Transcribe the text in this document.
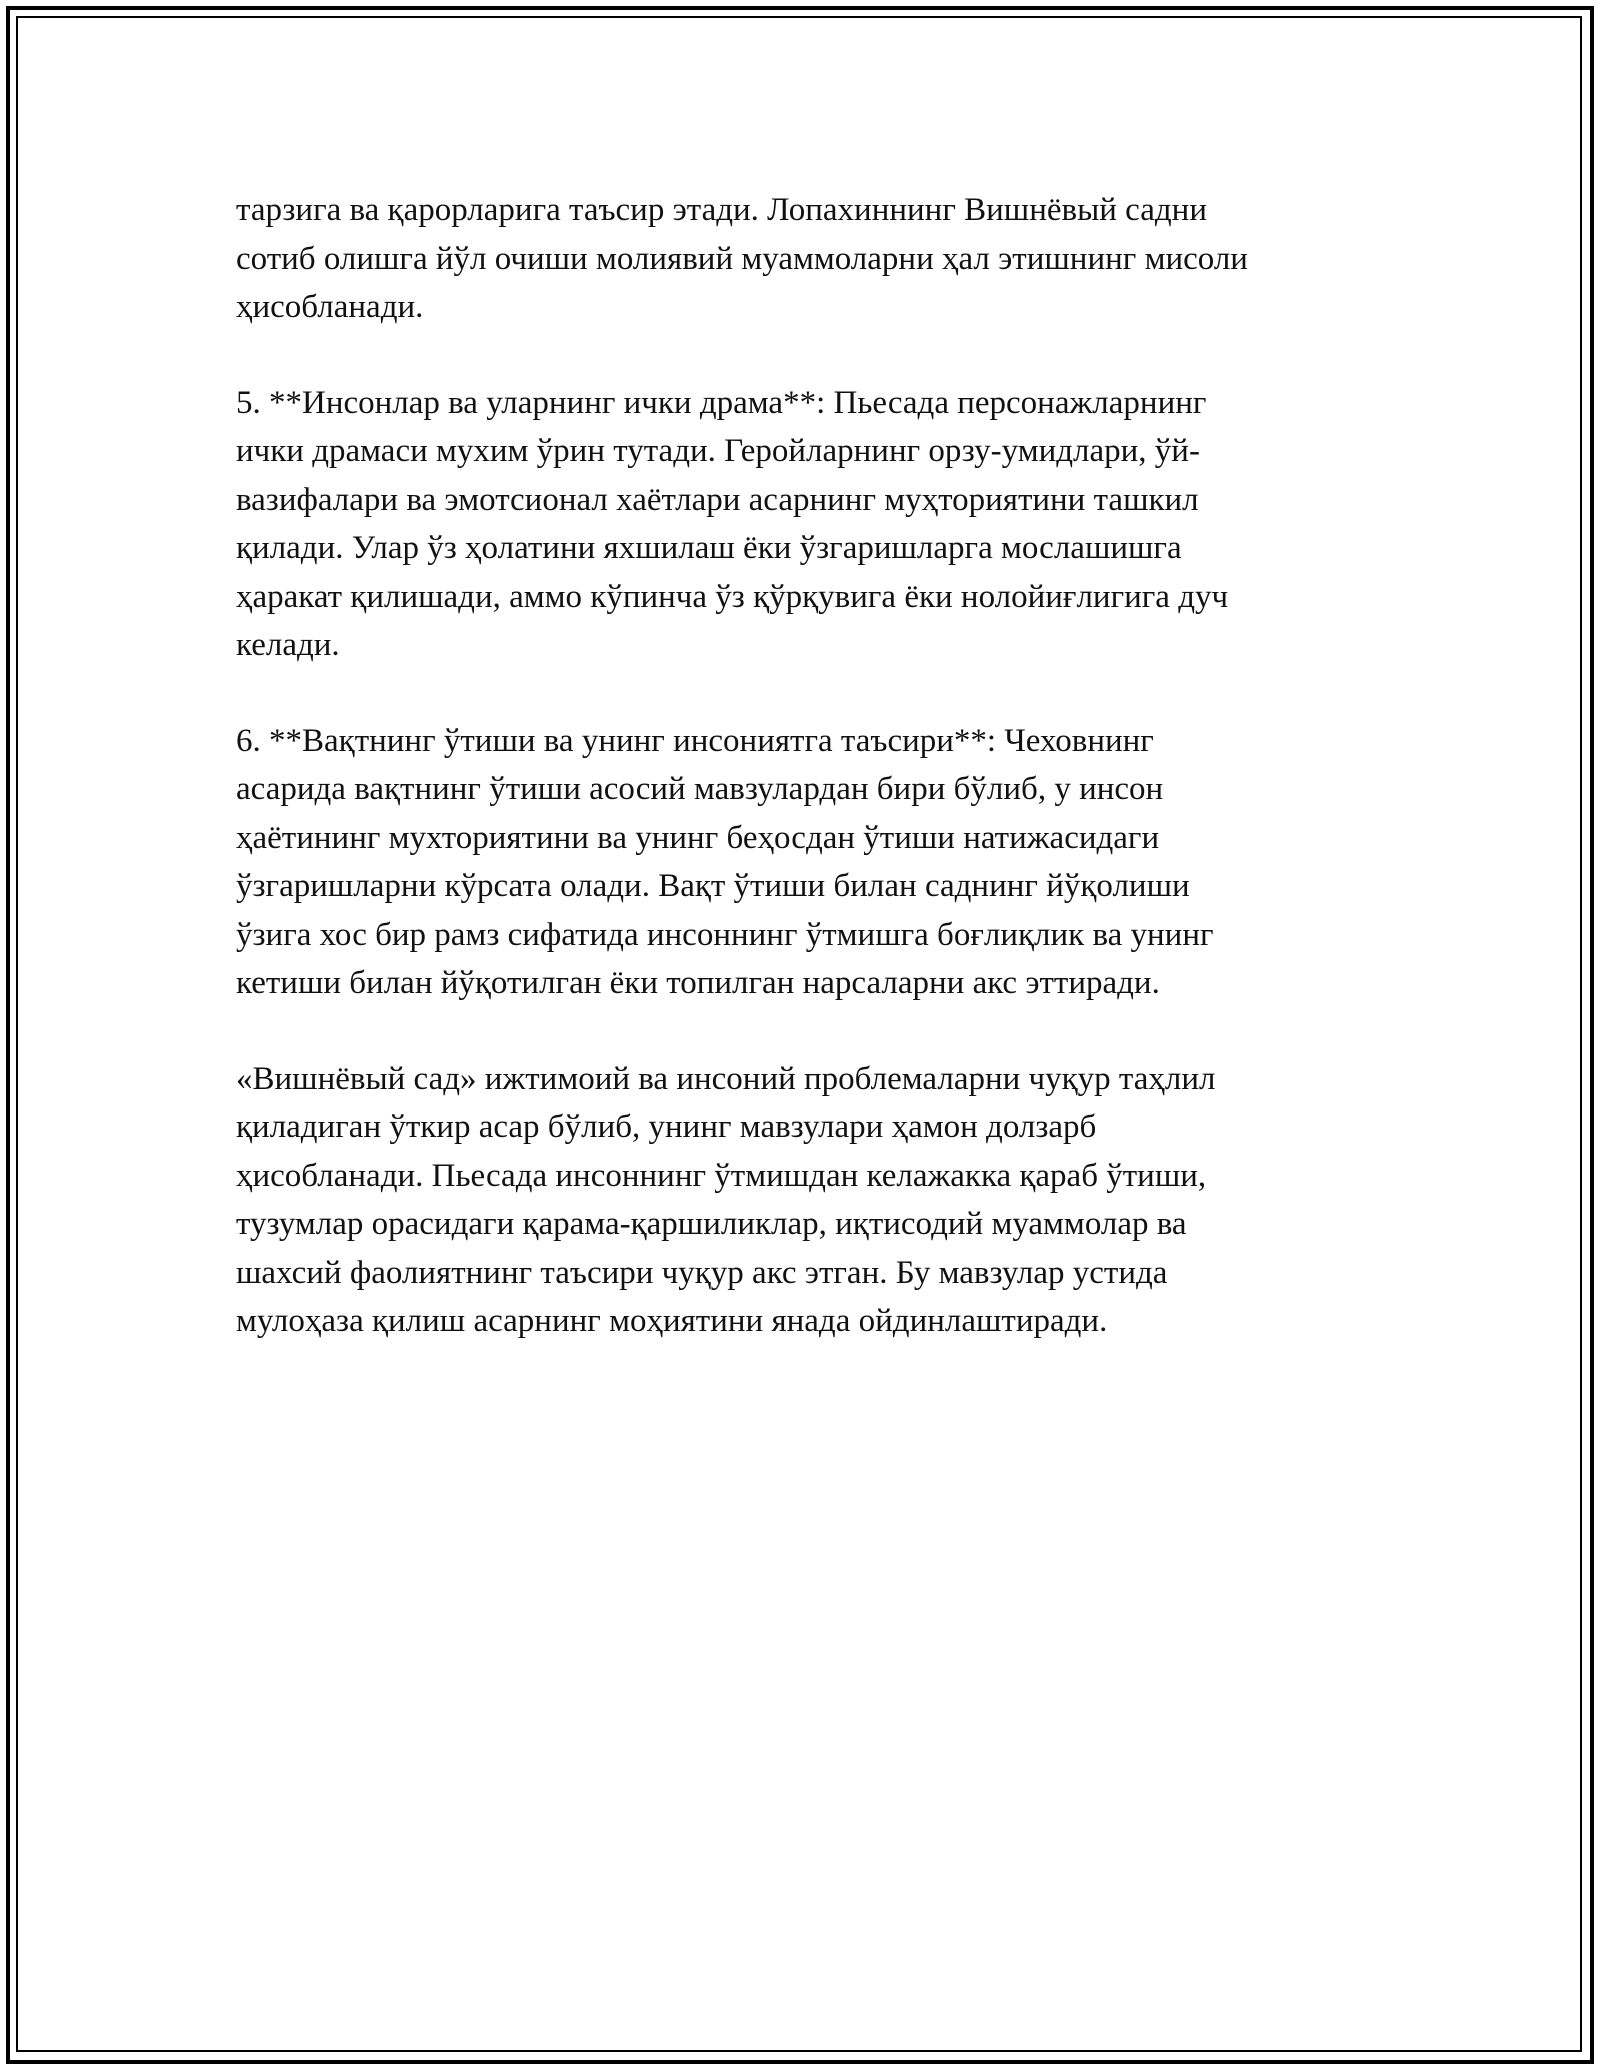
тарзига ва қарорларига таъсир этади. Лопахиннинг Вишнёвый садни
сотиб олишга йўл очиши молиявий муаммоларни ҳал этишнинг мисоли
ҳисобланади.
5. **Инсонлар ва уларнинг ички драма**: Пьесада персонажларнинг
ички драмаси мухим ўрин тутади. Геройларнинг орзу-умидлари, ўй-
вазифалари ва эмотсионал хаётлари асарнинг муҳториятини ташкил
қилади. Улар ўз ҳолатини яхшилаш ёки ўзгаришларга мослашишга
ҳаракат қилишади, аммо кўпинча ўз қўрқувига ёки нолойиғлигига дуч
келади.
6. **Вақтнинг ўтиши ва унинг инсониятга таъсири**: Чеховнинг
асарида вақтнинг ўтиши асосий мавзулардан бири бўлиб, у инсон
ҳаётининг мухториятини ва унинг беҳосдан ўтиши натижасидаги
ўзгаришларни кўрсата олади. Вақт ўтиши билан саднинг йўқолиши
ўзига хос бир рамз сифатида инсоннинг ўтмишга боғлиқлик ва унинг
кетиши билан йўқотилган ёки топилган нарсаларни акс эттиради.
«Вишнёвый сад» ижтимоий ва инсоний проблемаларни чуқур таҳлил
қиладиган ўткир асар бўлиб, унинг мавзулари ҳамон долзарб
ҳисобланади. Пьесада инсоннинг ўтмишдан келажакка қараб ўтиши,
тузумлар орасидаги қарама-қаршиликлар, иқтисодий муаммолар ва
шахсий фаолиятнинг таъсири чуқур акс этган. Бу мавзулар устида
мулоҳаза қилиш асарнинг моҳиятини янада ойдинлаштиради.
